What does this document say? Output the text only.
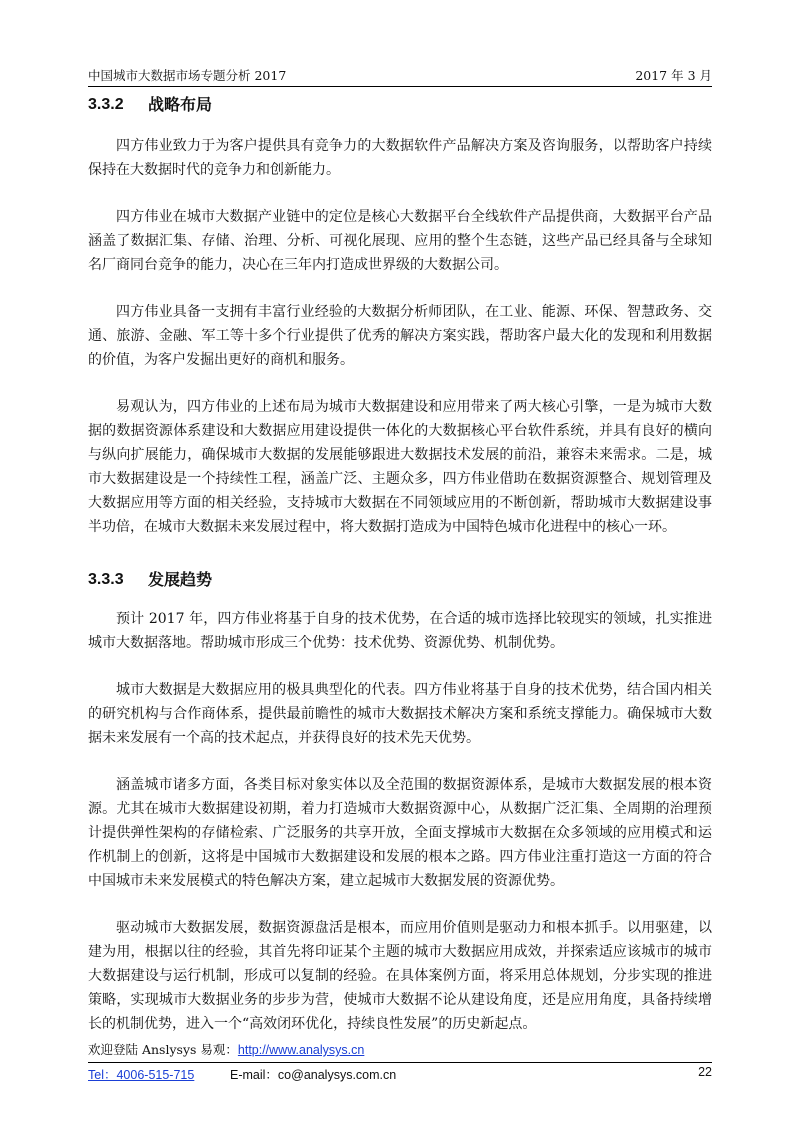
中国城市大数据市场专题分析 2017	2017 年 3 月
3.3.2	战略布局

四方伟业致力于为客户提供具有竞争力的大数据软件产品解决方案及咨询服务，以帮助客户持续保持在大数据时代的竞争力和创新能力。

四方伟业在城市大数据产业链中的定位是核心大数据平台全线软件产品提供商，大数据平台产品涵盖了数据汇集、存储、治理、分析、可视化展现、应用的整个生态链，这些产品已经具备与全球知名厂商同台竞争的能力，决心在三年内打造成世界级的大数据公司。

四方伟业具备一支拥有丰富行业经验的大数据分析师团队，在工业、能源、环保、智慧政务、交通、旅游、金融、军工等十多个行业提供了优秀的解决方案实践，帮助客户最大化的发现和利用数据的价值，为客户发掘出更好的商机和服务。

易观认为，四方伟业的上述布局为城市大数据建设和应用带来了两大核心引擎，一是为城市大数据的数据资源体系建设和大数据应用建设提供一体化的大数据核心平台软件系统，并具有良好的横向与纵向扩展能力，确保城市大数据的发展能够跟进大数据技术发展的前沿，兼容未来需求。二是，城市大数据建设是一个持续性工程，涵盖广泛、主题众多，四方伟业借助在数据资源整合、规划管理及大数据应用等方面的相关经验，支持城市大数据在不同领域应用的不断创新，帮助城市大数据建设事半功倍，在城市大数据未来发展过程中，将大数据打造成为中国特色城市化进程中的核心一环。

3.3.3	发展趋势

预计 2017 年，四方伟业将基于自身的技术优势，在合适的城市选择比较现实的领域，扎实推进城市大数据落地。帮助城市形成三个优势：技术优势、资源优势、机制优势。

城市大数据是大数据应用的极具典型化的代表。四方伟业将基于自身的技术优势，结合国内相关的研究机构与合作商体系，提供最前瞻性的城市大数据技术解决方案和系统支撑能力。确保城市大数据未来发展有一个高的技术起点，并获得良好的技术先天优势。

涵盖城市诸多方面，各类目标对象实体以及全范围的数据资源体系，是城市大数据发展的根本资源。尤其在城市大数据建设初期，着力打造城市大数据资源中心，从数据广泛汇集、全周期的治理预计提供弹性架构的存储检索、广泛服务的共享开放，全面支撑城市大数据在众多领域的应用模式和运作机制上的创新，这将是中国城市大数据建设和发展的根本之路。四方伟业注重打造这一方面的符合中国城市未来发展模式的特色解决方案，建立起城市大数据发展的资源优势。

驱动城市大数据发展，数据资源盘活是根本，而应用价值则是驱动力和根本抓手。以用驱建，以建为用，根据以往的经验，其首先将印证某个主题的城市大数据应用成效，并探索适应该城市的城市大数据建设与运行机制，形成可以复制的经验。在具体案例方面，将采用总体规划，分步实现的推进策略，实现城市大数据业务的步步为营，使城市大数据不论从建设角度，还是应用角度，具备持续增长的机制优势，进入一个“高效闭环优化，持续良性发展”的历史新起点。

欢迎登陆 Anslysys 易观：http://www.analysys.cn
Tel：4006-515-715	E-mail：co@analysys.com.cn	22
